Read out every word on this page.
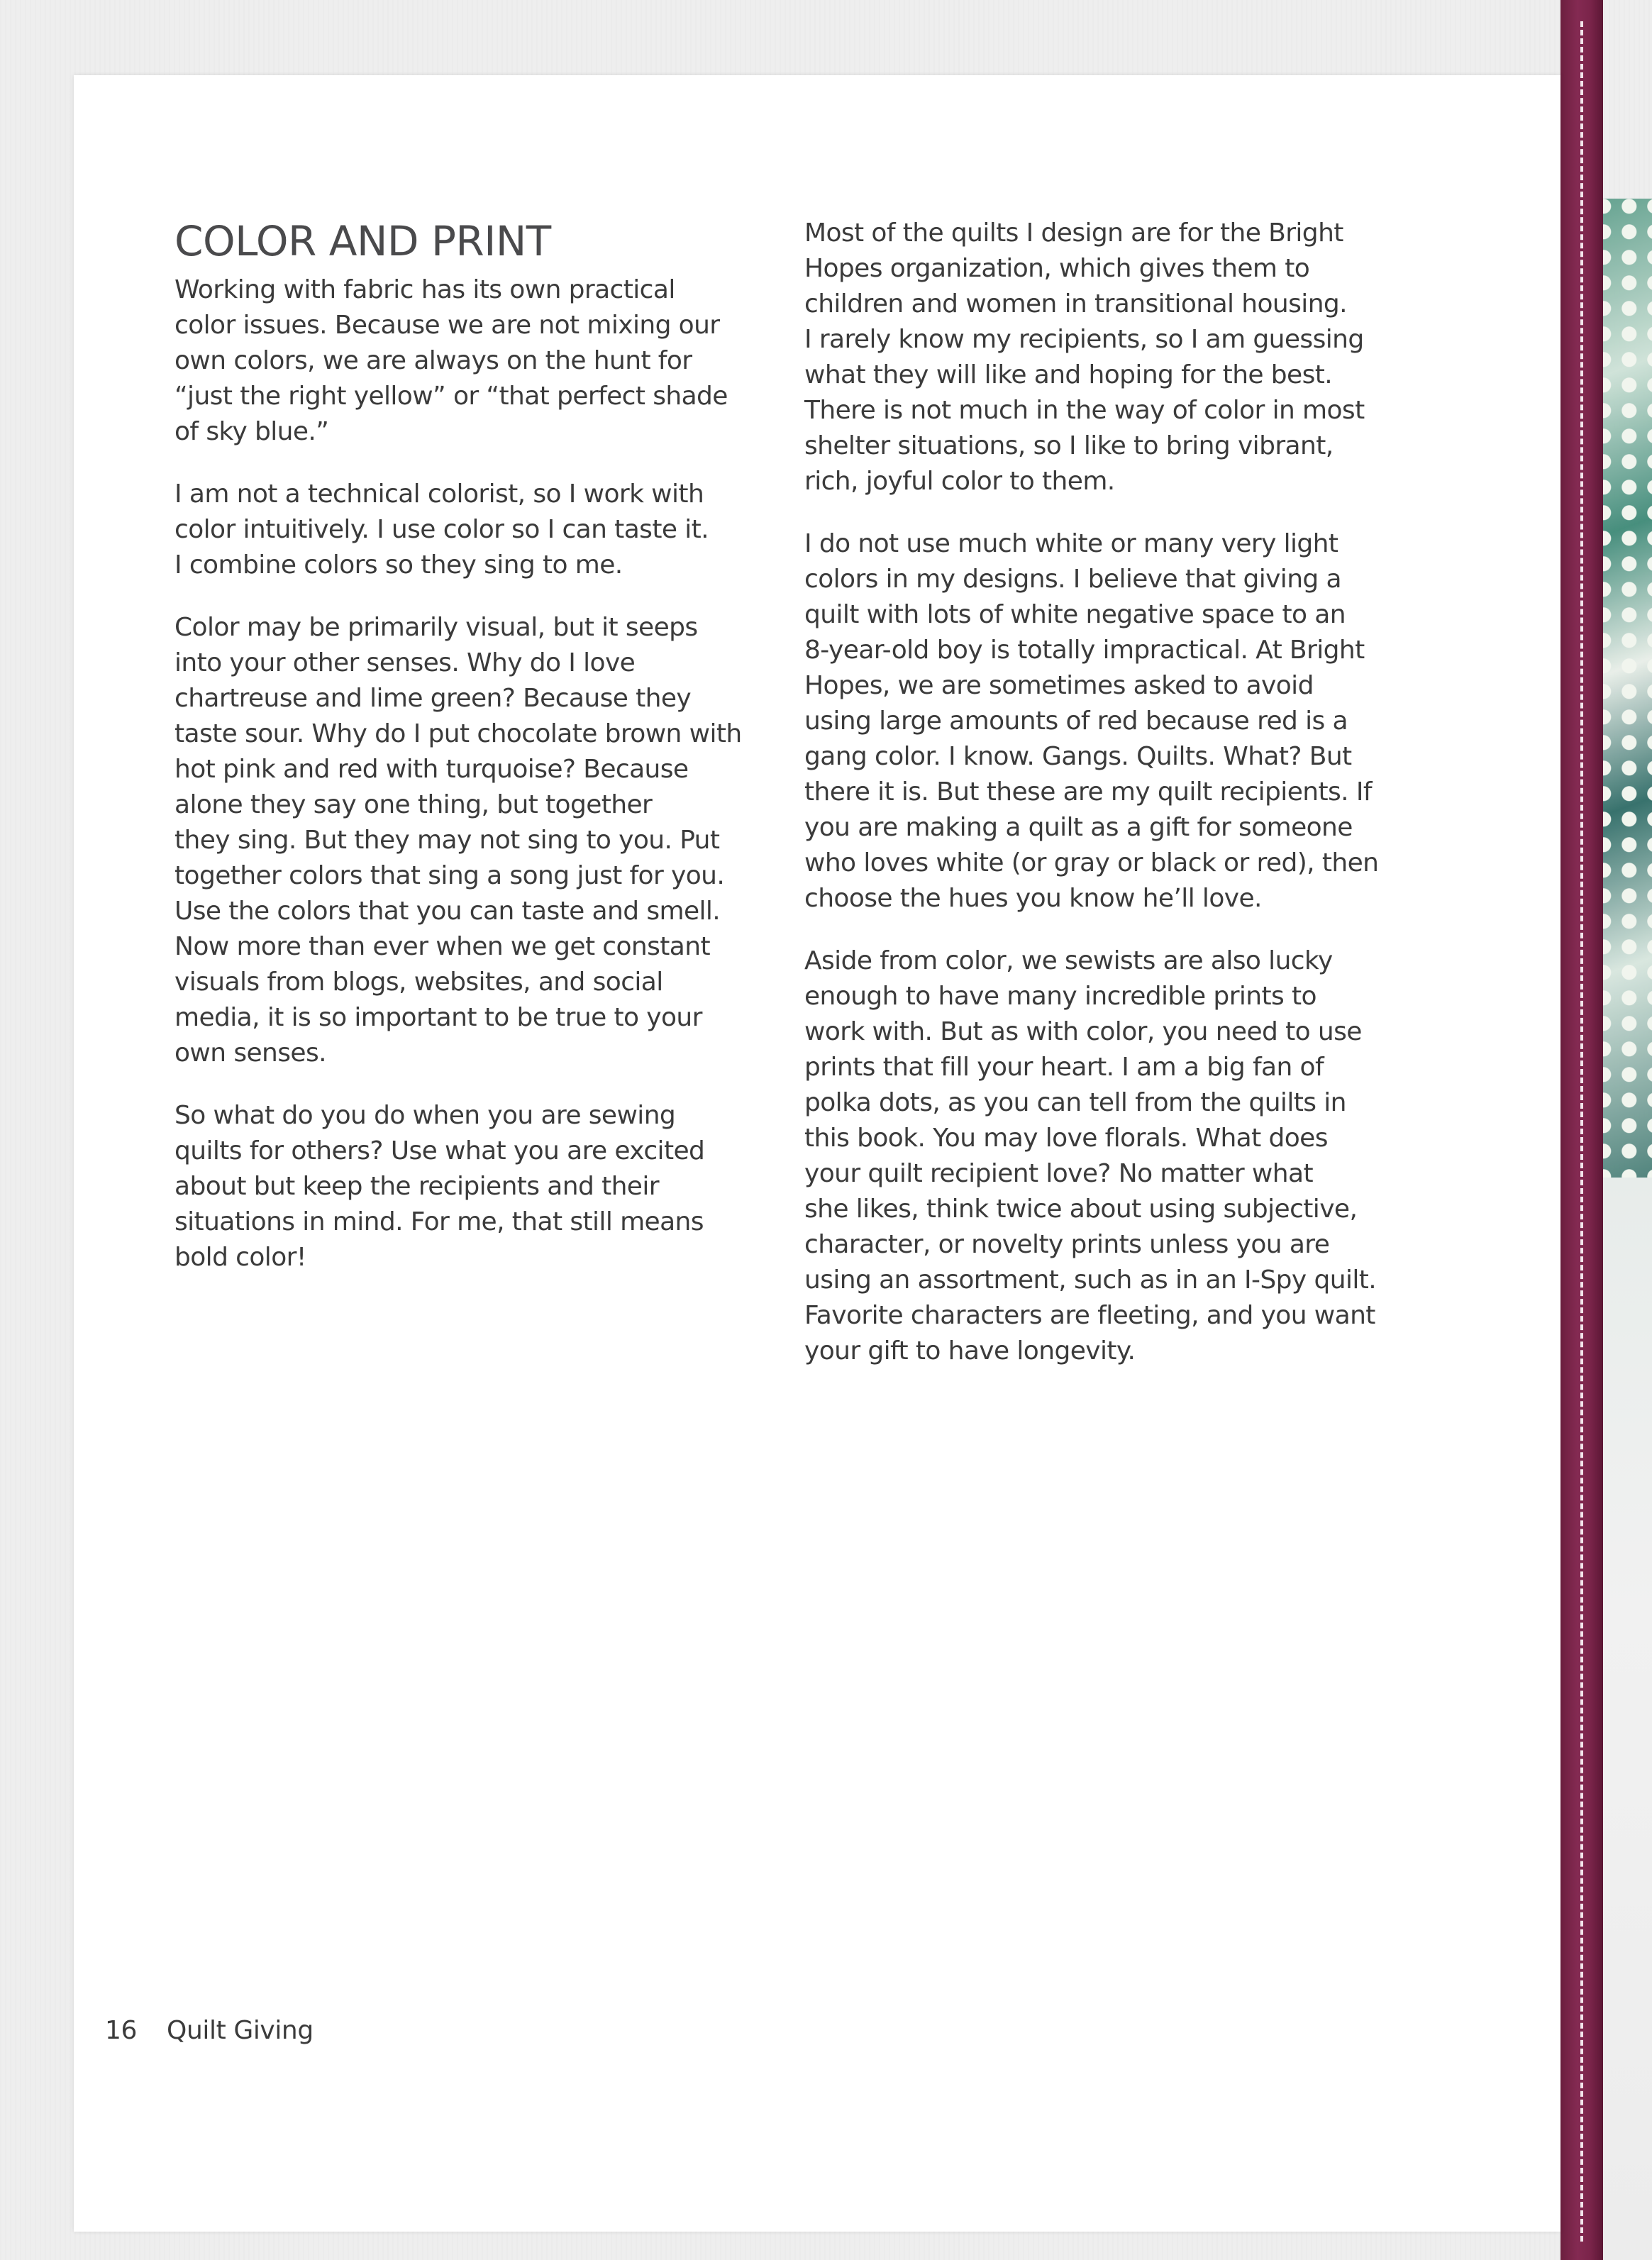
COLOR AND PRINT

Working with fabric has its own practical
color issues. Because we are not mixing our
own colors, we are always on the hunt for
“just the right yellow” or “that perfect shade
of sky blue.”

I am not a technical colorist, so I work with
color intuitively. I use color so I can taste it.
I combine colors so they sing to me.

Color may be primarily visual, but it seeps
into your other senses. Why do I love
chartreuse and lime green? Because they
taste sour. Why do I put chocolate brown with
hot pink and red with turquoise? Because
alone they say one thing, but together
they sing. But they may not sing to you. Put
together colors that sing a song just for you.
Use the colors that you can taste and smell.
Now more than ever when we get constant
visuals from blogs, websites, and social
media, it is so important to be true to your
own senses.

So what do you do when you are sewing
quilts for others? Use what you are excited
about but keep the recipients and their
situations in mind. For me, that still means
bold color!

Most of the quilts I design are for the Bright
Hopes organization, which gives them to
children and women in transitional housing.
I rarely know my recipients, so I am guessing
what they will like and hoping for the best.
There is not much in the way of color in most
shelter situations, so I like to bring vibrant,
rich, joyful color to them.

I do not use much white or many very light
colors in my designs. I believe that giving a
quilt with lots of white negative space to an
8-year-old boy is totally impractical. At Bright
Hopes, we are sometimes asked to avoid
using large amounts of red because red is a
gang color. I know. Gangs. Quilts. What? But
there it is. But these are my quilt recipients. If
you are making a quilt as a gift for someone
who loves white (or gray or black or red), then
choose the hues you know he’ll love.

Aside from color, we sewists are also lucky
enough to have many incredible prints to
work with. But as with color, you need to use
prints that fill your heart. I am a big fan of
polka dots, as you can tell from the quilts in
this book. You may love florals. What does
your quilt recipient love? No matter what
she likes, think twice about using subjective,
character, or novelty prints unless you are
using an assortment, such as in an I-Spy quilt.
Favorite characters are fleeting, and you want
your gift to have longevity.

16 Quilt Giving
